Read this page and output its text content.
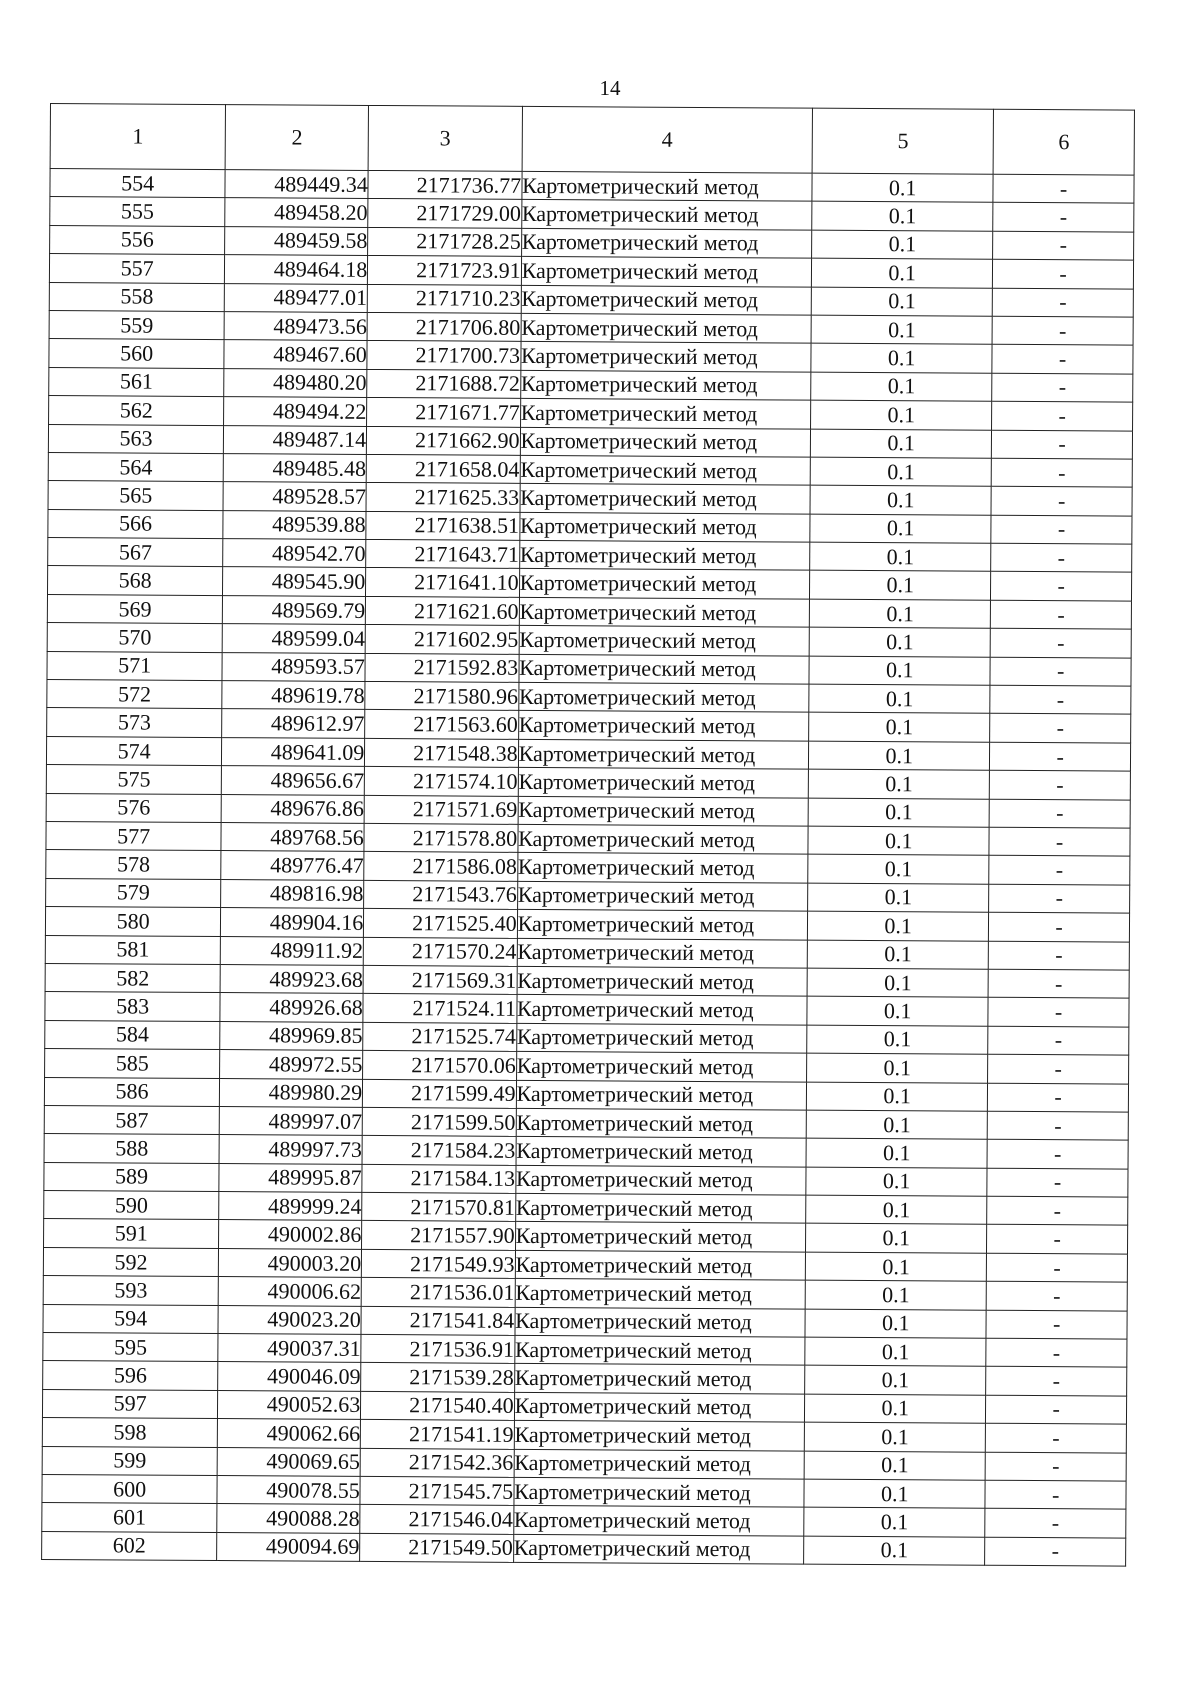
14
1	2	3	4	5	6
554	489449.34	2171736.77	Картометрический метод	0.1	-
555	489458.20	2171729.00	Картометрический метод	0.1	-
556	489459.58	2171728.25	Картометрический метод	0.1	-
557	489464.18	2171723.91	Картометрический метод	0.1	-
558	489477.01	2171710.23	Картометрический метод	0.1	-
559	489473.56	2171706.80	Картометрический метод	0.1	-
560	489467.60	2171700.73	Картометрический метод	0.1	-
561	489480.20	2171688.72	Картометрический метод	0.1	-
562	489494.22	2171671.77	Картометрический метод	0.1	-
563	489487.14	2171662.90	Картометрический метод	0.1	-
564	489485.48	2171658.04	Картометрический метод	0.1	-
565	489528.57	2171625.33	Картометрический метод	0.1	-
566	489539.88	2171638.51	Картометрический метод	0.1	-
567	489542.70	2171643.71	Картометрический метод	0.1	-
568	489545.90	2171641.10	Картометрический метод	0.1	-
569	489569.79	2171621.60	Картометрический метод	0.1	-
570	489599.04	2171602.95	Картометрический метод	0.1	-
571	489593.57	2171592.83	Картометрический метод	0.1	-
572	489619.78	2171580.96	Картометрический метод	0.1	-
573	489612.97	2171563.60	Картометрический метод	0.1	-
574	489641.09	2171548.38	Картометрический метод	0.1	-
575	489656.67	2171574.10	Картометрический метод	0.1	-
576	489676.86	2171571.69	Картометрический метод	0.1	-
577	489768.56	2171578.80	Картометрический метод	0.1	-
578	489776.47	2171586.08	Картометрический метод	0.1	-
579	489816.98	2171543.76	Картометрический метод	0.1	-
580	489904.16	2171525.40	Картометрический метод	0.1	-
581	489911.92	2171570.24	Картометрический метод	0.1	-
582	489923.68	2171569.31	Картометрический метод	0.1	-
583	489926.68	2171524.11	Картометрический метод	0.1	-
584	489969.85	2171525.74	Картометрический метод	0.1	-
585	489972.55	2171570.06	Картометрический метод	0.1	-
586	489980.29	2171599.49	Картометрический метод	0.1	-
587	489997.07	2171599.50	Картометрический метод	0.1	-
588	489997.73	2171584.23	Картометрический метод	0.1	-
589	489995.87	2171584.13	Картометрический метод	0.1	-
590	489999.24	2171570.81	Картометрический метод	0.1	-
591	490002.86	2171557.90	Картометрический метод	0.1	-
592	490003.20	2171549.93	Картометрический метод	0.1	-
593	490006.62	2171536.01	Картометрический метод	0.1	-
594	490023.20	2171541.84	Картометрический метод	0.1	-
595	490037.31	2171536.91	Картометрический метод	0.1	-
596	490046.09	2171539.28	Картометрический метод	0.1	-
597	490052.63	2171540.40	Картометрический метод	0.1	-
598	490062.66	2171541.19	Картометрический метод	0.1	-
599	490069.65	2171542.36	Картометрический метод	0.1	-
600	490078.55	2171545.75	Картометрический метод	0.1	-
601	490088.28	2171546.04	Картометрический метод	0.1	-
602	490094.69	2171549.50	Картометрический метод	0.1	-
